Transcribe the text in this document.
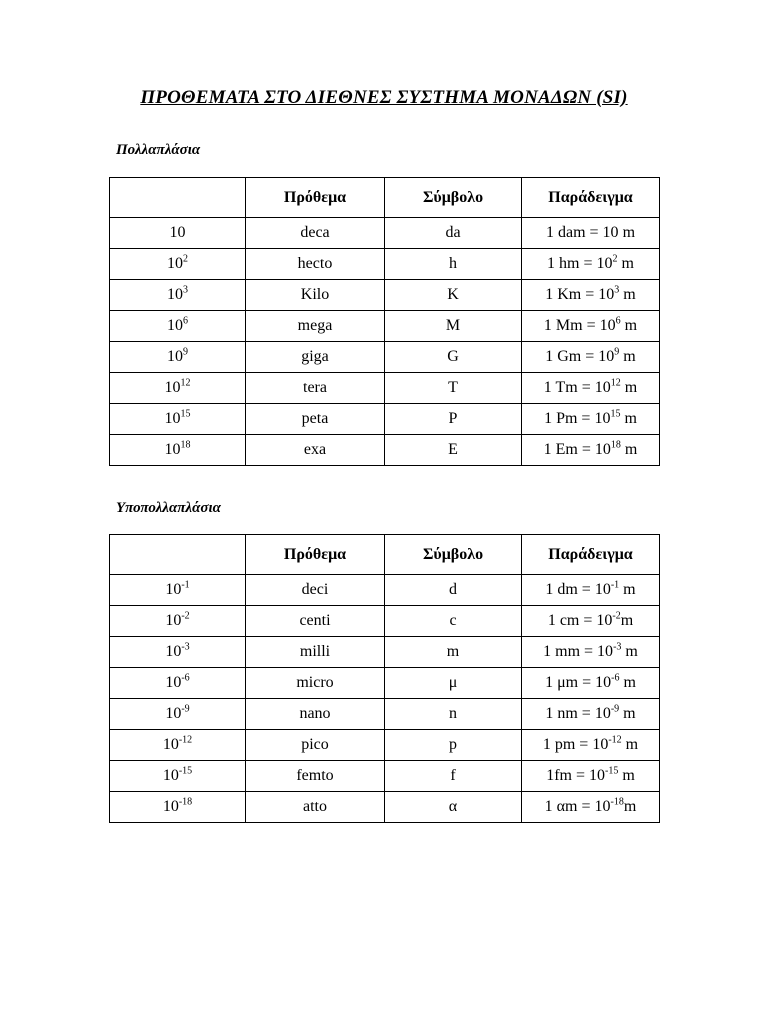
ΠΡΟΘΕΜΑΤΑ ΣΤΟ ΔΙΕΘΝΕΣ ΣΥΣΤΗΜΑ ΜΟΝΑΔΩΝ (SI)
Πολλαπλάσια
	Πρόθεμα	Σύμβολο	Παράδειγμα
10	deca	da	1 dam = 10 m
$10^2$	hecto	h	1 hm = $10^2$ m
$10^3$	Kilo	K	1 $Km = 10^3$ m
$10^6$	mega	M	1 $Mm = 10^6$ m
$10^9$	giga	G	1 $Gm = 10^9$ m
$10^{12}$	tera	T	1 $Tm = 10^{12}$ m
$10^{15}$	peta	P	1 $Pm = 10^{15}$ m
$10^{18}$	exa	E	1 $Em = 10^{18}$ m
Υποπολλαπλάσια
	Πρόθεμα	Σύμβολο	Παράδειγμα
$10^{-1}$	deci	d	1 dm = $10^{-1}$ m
$10^{-2}$	centi	c	1 cm = $10^{-2}m$
$10^{-3}$	milli	m	1 mm = $10^{-3}$ m
$10^{-6}$	micro	μ	1 $\mu m = 10^{-6}$ m
$10^{-9}$	nano	n	1 nm = $10^{-9}$ m
$10^{-12}$	pico	p	1 pm = $10^{-12}$ m
$10^{-15}$	femto	f	$1fm = 10^{-15}$ m
$10^{-18}$	atto	α	1 $\alpha m = 10^{-18}m$
